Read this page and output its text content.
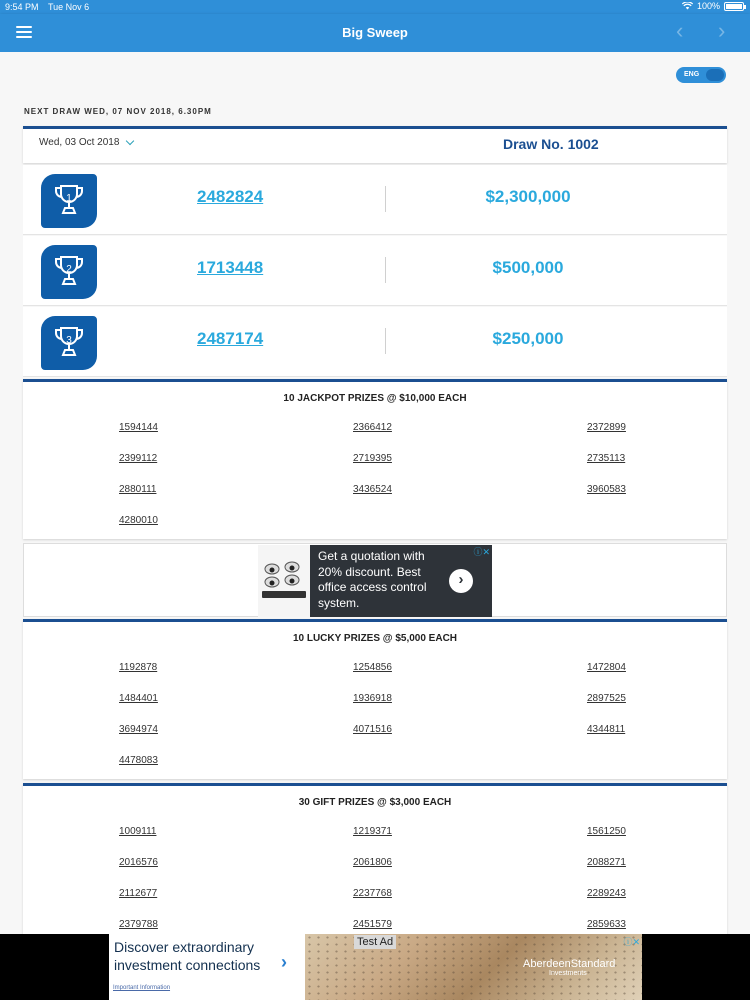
9:54 PM Tue Nov 6	100%
Big Sweep	‹ ›
ENG
NEXT DRAW WED, 07 NOV 2018, 6.30PM
Wed, 03 Oct 2018	Draw No. 1002
1	2482824	$2,300,000
2	1713448	$500,000
3	2487174	$250,000
10 JACKPOT PRIZES @ $10,000 EACH
1594144	2366412	2372899
2399112	2719395	2735113
2880111	3436524	3960583
4280010
Get a quotation with 20% discount. Best office access control system.
›
ⓘ✕
10 LUCKY PRIZES @ $5,000 EACH
1192878	1254856	1472804
1484401	1936918	2897525
3694974	4071516	4344811
4478083
30 GIFT PRIZES @ $3,000 EACH
1009111	1219371	1561250
2016576	2061806	2088271
2112677	2237768	2289243
2379788	2451579	2859633
Discover extraordinary
investment connections ›
Important Information
Test Ad
AberdeenStandard
Investments
ⓘ✕
